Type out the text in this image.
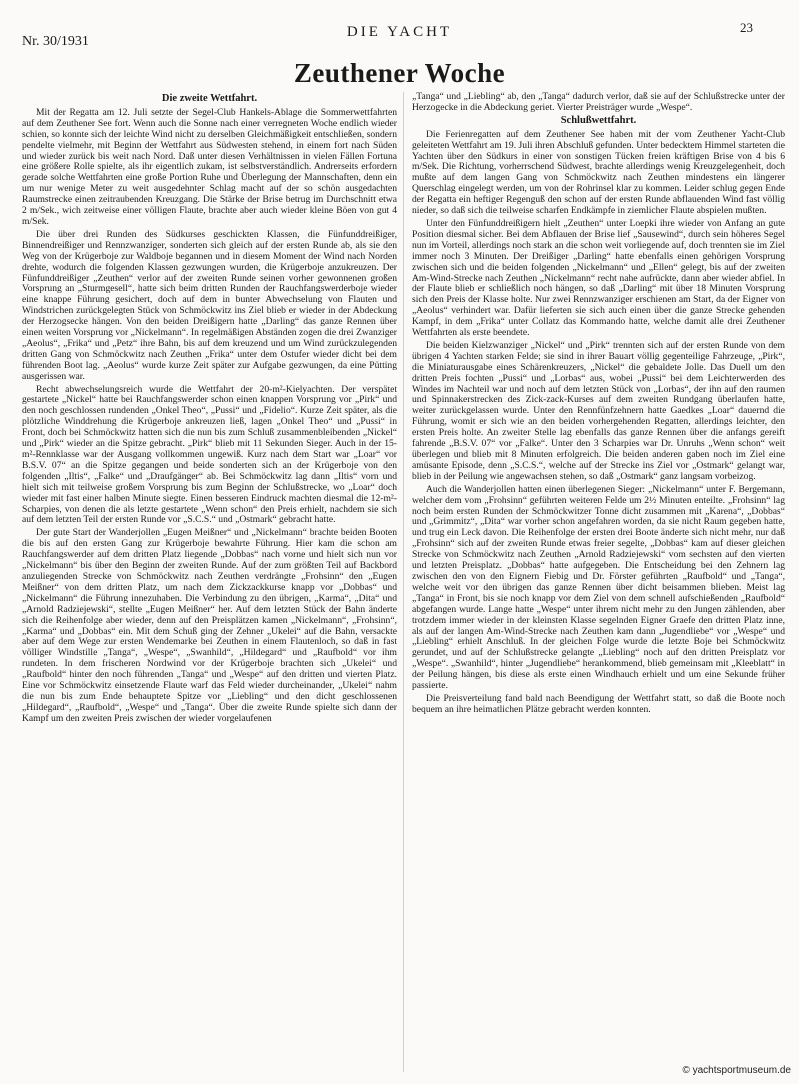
Nr. 30/1931
DIE YACHT	23
Zeuthener Woche
Die zweite Wettfahrt.

Mit der Regatta am 12. Juli setzte der Segel-Club Hankels-Ablage die Sommerwettfahrten auf dem Zeuthener See fort. Wenn auch die Sonne nach einer verregneten Woche endlich wieder schien, so konnte sich der leichte Wind nicht zu derselben Gleichmäßigkeit entschließen, sondern pendelte vielmehr, mit Beginn der Wettfahrt aus Südwesten stehend, in einem fort nach Süden und wieder zurück bis weit nach Nord. Daß unter diesen Verhältnissen in vielen Fällen Fortuna eine größere Rolle spielte, als ihr eigentlich zukam, ist selbstverständlich. Andrerseits erfordern gerade solche Wettfahrten eine große Portion Ruhe und Überlegung der Mannschaften, denn ein um nur wenige Meter zu weit ausgedehnter Schlag macht auf der so schön ausgedachten Raumstrecke einen zeitraubenden Kreuzgang. Die Stärke der Brise betrug im Durchschnitt etwa 2 m/Sek., wich zeitweise einer völligen Flaute, brachte aber auch wieder kleine Böen von gut 4 m/Sek.

Die über drei Runden des Südkurses geschickten Klassen, die Fünfunddreißiger, Binnendreißiger und Rennzwanziger, sonderten sich gleich auf der ersten Runde ab, als sie den Weg von der Krügerboje zur Waldboje begannen und in diesem Moment der Wind nach Norden drehte, wodurch die folgenden Klassen gezwungen wurden, die Krügerboje anzukreuzen. Der Fünfunddreißiger „Zeuthen“ verlor auf der zweiten Runde seinen vorher gewonnenen großen Vorsprung an „Sturmgesell“, hatte sich beim dritten Runden der Rauchfangswerderboje wieder eine knappe Führung gesichert, doch auf dem in bunter Abwechselung von Flauten und Windstrichen zurückgelegten Stück von Schmöckwitz ins Ziel blieb er wieder in der Abdeckung der Herzogsecke hängen. Von den beiden Dreißigern hatte „Darling“ das ganze Rennen über einen weiten Vorsprung vor „Nickelmann“. In regelmäßigen Abständen zogen die drei Zwanziger „Aeolus“, „Frika“ und „Petz“ ihre Bahn, bis auf dem kreuzend und um Wind zurückzulegenden dritten Gang von Schmöckwitz nach Zeuthen „Frika“ unter dem Ostufer wieder dicht bei dem führenden Boot lag. „Aeolus“ wurde kurze Zeit später zur Aufgabe gezwungen, da eine Pütting ausgerissen war.

Recht abwechselungsreich wurde die Wettfahrt der 20-m²-Kielyachten. Der verspätet gestartete „Nickel“ hatte bei Rauchfangswerder schon einen knappen Vorsprung vor „Pirk“ und den noch geschlossen rundenden „Onkel Theo“, „Pussi“ und „Fidelio“. Kurze Zeit später, als die plötzliche Winddrehung die Krügerboje ankreuzen ließ, lagen „Onkel Theo“ und „Pussi“ in Front, doch bei Schmöckwitz hatten sich die nun bis zum Schluß zusammenbleibenden „Nickel“ und „Pirk“ wieder an die Spitze gebracht. „Pirk“ blieb mit 11 Sekunden Sieger. Auch in der 15-m²-Rennklasse war der Ausgang vollkommen ungewiß. Kurz nach dem Start war „Loar“ vor B.S.V. 07“ an die Spitze gegangen und beide sonderten sich an der Krügerboje von den folgenden „Iltis“, „Falke“ und „Draufgänger“ ab. Bei Schmöckwitz lag dann „Iltis“ vorn und hielt sich mit teilweise großem Vorsprung bis zum Beginn der Schlußstrecke, wo „Loar“ doch wieder mit fast einer halben Minute siegte. Einen besseren Eindruck machten diesmal die 12-m²-Scharpies, von denen die als letzte gestartete „Wenn schon“ den Preis erhielt, nachdem sie sich auf dem letzten Teil der ersten Runde vor „S.C.S.“ und „Ostmark“ gebracht hatte.

Der gute Start der Wanderjollen „Eugen Meißner“ und „Nickelmann“ brachte beiden Booten die bis auf den ersten Gang zur Krügerboje bewahrte Führung. Hier kam die schon am Rauchfangswerder auf dem dritten Platz liegende „Dobbas“ nach vorne und hielt sich nun vor „Nickelmann“ bis über den Beginn der zweiten Runde. Auf der zum größten Teil auf Backbord anzuliegenden Strecke von Schmöckwitz nach Zeuthen verdrängte „Frohsinn“ den „Eugen Meißner“ von dem dritten Platz, um nach dem Zickzackkurse knapp vor „Dobbas“ und „Nickelmann“ die Führung innezuhaben. Die Verbindung zu den übrigen, „Karma“, „Dita“ und „Arnold Radziejewski“, stellte „Eugen Meißner“ her. Auf dem letzten Stück der Bahn änderte sich die Reihenfolge aber wieder, denn auf den Preisplätzen kamen „Nickelmann“, „Frohsinn“, „Karma“ und „Dobbas“ ein. Mit dem Schuß ging der Zehner „Ukelei“ auf die Bahn, versackte aber auf dem Wege zur ersten Wendemarke bei Zeuthen in einem Flautenloch, so daß in fast völliger Windstille „Tanga“, „Wespe“, „Swanhild“, „Hildegard“ und „Raufbold“ vor ihm rundeten. In dem frischeren Nordwind vor der Krügerboje brachten sich „Ukelei“ und „Raufbold“ hinter den noch führenden „Tanga“ und „Wespe“ auf den dritten und vierten Platz. Eine vor Schmöckwitz einsetzende Flaute warf das Feld wieder durcheinander, „Ukelei“ nahm die nun bis zum Ende behauptete Spitze vor „Liebling“ und den dicht geschlossenen „Hildegard“, „Raufbold“, „Wespe“ und „Tanga“. Über die zweite Runde spielte sich dann der Kampf um den zweiten Preis zwischen der wieder vorgelaufenen

„Tanga“ und „Liebling“ ab, den „Tanga“ dadurch verlor, daß sie auf der Schlußstrecke unter der Herzogecke in die Abdeckung geriet. Vierter Preisträger wurde „Wespe“.

Schlußwettfahrt.

Die Ferienregatten auf dem Zeuthener See haben mit der vom Zeuthener Yacht-Club geleiteten Wettfahrt am 19. Juli ihren Abschluß gefunden. Unter bedecktem Himmel starteten die Yachten über den Südkurs in einer von sonstigen Tücken freien kräftigen Brise von 4 bis 6 m/Sek. Die Richtung, vorherrschend Südwest, brachte allerdings wenig Kreuzgelegenheit, doch mußte auf dem langen Gang von Schmöckwitz nach Zeuthen mindestens ein längerer Querschlag eingelegt werden, um von der Rohrinsel klar zu kommen. Leider schlug gegen Ende der Regatta ein heftiger Regenguß den schon auf der ersten Runde abflauenden Wind fast völlig nieder, so daß sich die teilweise scharfen Endkämpfe in ziemlicher Flaute abspielen mußten.

Unter den Fünfunddreißigern hielt „Zeuthen“ unter Loepki ihre wieder von Anfang an gute Position diesmal sicher. Bei dem Abflauen der Brise lief „Sausewind“, durch sein höheres Segel nun im Vorteil, allerdings noch stark an die schon weit vorliegende auf, doch trennten sie im Ziel immer noch 3 Minuten. Der Dreißiger „Darling“ hatte ebenfalls einen gehörigen Vorsprung zwischen sich und die beiden folgenden „Nickelmann“ und „Ellen“ gelegt, bis auf der zweiten Am-Wind-Strecke nach Zeuthen „Nickelmann“ recht nahe aufrückte, dann aber wieder abfiel. In der Flaute blieb er schließlich noch hängen, so daß „Darling“ mit über 18 Minuten Vorsprung sich den Preis der Klasse holte. Nur zwei Rennzwanziger erschienen am Start, da der Eigner von „Aeolus“ verhindert war. Dafür lieferten sie sich auch einen über die ganze Strecke gehenden Kampf, in dem „Frika“ unter Collatz das Kommando hatte, welche damit alle drei Zeuthener Wettfahrten als erste beendete.

Die beiden Kielzwanziger „Nickel“ und „Pirk“ trennten sich auf der ersten Runde von dem übrigen 4 Yachten starken Felde; sie sind in ihrer Bauart völlig gegenteilige Fahrzeuge, „Pirk“, die Miniaturausgabe eines Schärenkreuzers, „Nickel“ die gebaldete Jolle. Das Duell um den dritten Preis fochten „Pussi“ und „Lorbas“ aus, wobei „Pussi“ bei dem Leichterwerden des Windes im Nachteil war und noch auf dem letzten Stück von „Lorbas“, der ihn auf den raumen und Spinnakerstrecken des Zick-zack-Kurses auf dem zweiten Rundgang überlaufen hatte, weiter zurückgelassen wurde. Unter den Rennfünfzehnern hatte Gaedkes „Loar“ dauernd die Führung, womit er sich wie an den beiden vorhergehenden Regatten, allerdings leichter, den ersten Preis holte. An zweiter Stelle lag ebenfalls das ganze Rennen über die anfangs gereift fahrende „B.S.V. 07“ vor „Falke“. Unter den 3 Scharpies war Dr. Unruhs „Wenn schon“ weit überlegen und blieb mit 8 Minuten erfolgreich. Die beiden anderen gaben noch im Ziel eine amüsante Episode, denn „S.C.S.“, welche auf der Strecke ins Ziel vor „Ostmark“ gelangt war, blieb in der Peilung wie angewachsen stehen, so daß „Ostmark“ ganz langsam vorbeizog.

Auch die Wanderjollen hatten einen überlegenen Sieger: „Nickelmann“ unter F. Bergemann, welcher dem vom „Frohsinn“ geführten weiteren Felde um 2½ Minuten enteilte. „Frohsinn“ lag noch beim ersten Runden der Schmöckwitzer Tonne dicht zusammen mit „Karena“, „Dobbas“ und „Grimmitz“, „Dita“ war vorher schon angefahren worden, da sie nicht Raum gegeben hatte, und trug ein Leck davon. Die Reihenfolge der ersten drei Boote änderte sich nicht mehr, nur daß „Frohsinn“ sich auf der zweiten Runde etwas freier segelte, „Dobbas“ kam auf dieser gleichen Strecke von Schmöckwitz nach Zeuthen „Arnold Radziejewski“ vom sechsten auf den vierten und letzten Preisplatz. „Dobbas“ hatte aufgegeben. Die Entscheidung bei den Zehnern lag zwischen den von den Eignern Fiebig und Dr. Förster geführten „Raufbold“ und „Tanga“, welche weit vor den übrigen das ganze Rennen über dicht beisammen blieben. Meist lag „Tanga“ in Front, bis sie noch knapp vor dem Ziel von dem schnell aufschießenden „Raufbold“ abgefangen wurde. Lange hatte „Wespe“ unter ihrem nicht mehr zu den Jungen zählenden, aber trotzdem immer wieder in der kleinsten Klasse segelnden Eigner Graefe den dritten Platz inne, als auf der langen Am-Wind-Strecke nach Zeuthen kam dann „Jugendliebe“ vor „Wespe“ und „Liebling“ erhielt Anschluß. In der gleichen Folge wurde die letzte Boje bei Schmöckwitz gerundet, und auf der Schlußstrecke gelangte „Liebling“ noch auf den dritten Preisplatz vor „Wespe“. „Swanhild“, hinter „Jugendliebe“ herankommend, blieb gemeinsam mit „Kleeblatt“ in der Peilung hängen, bis diese als erste einen Windhauch erhielt und um eine Sekunde früher passierte.

Die Preisverteilung fand bald nach Beendigung der Wettfahrt statt, so daß die Boote noch bequem an ihre heimatlichen Plätze gebracht werden konnten.

© yachtsportmuseum.de
